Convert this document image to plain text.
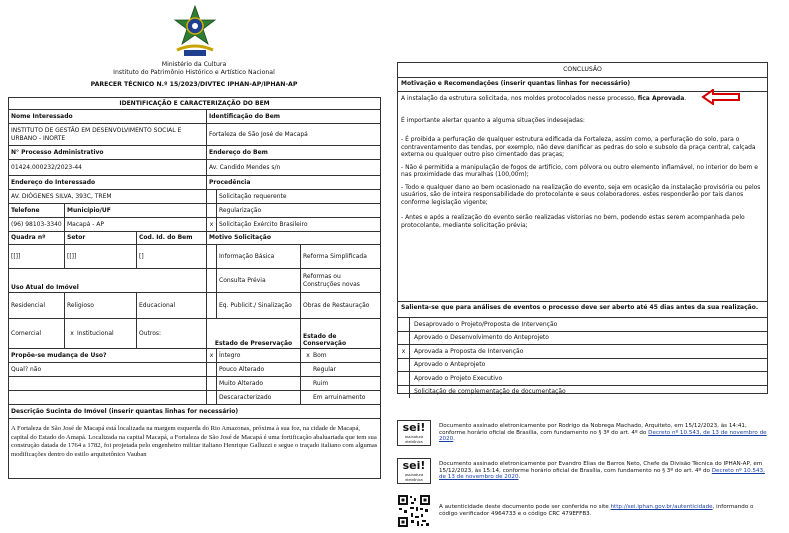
Ministério da Cultura
Instituto do Patrimônio Histórico e Artístico Nacional
PARECER TÉCNICO N.º 15/2023/DIVTEC IPHAN-AP/IPHAN-AP
IDENTIFICAÇÃO E CARACTERIZAÇÃO DO BEM					
Nome Interessado			Identificação do Bem		
INSTITUTO DE GESTÃO EM DESENVOLVIMENTO SOCIAL E URBANO - INORTE			Fortaleza de São José de Macapá		
N° Processo Administrativo			Endereço do Bem		
01424.000232/2023-44			Av. Candido Mendes s/n		
Endereço do Interessado			Procedência		
AV. DIÓGENES SILVA, 393C, TREM				Solicitação requerente	
Telefone	Município/UF			Regularização	
(96) 98103-3340	Macapá - AP		x	Solicitação Exército Brasileiro	
Quadra nº	Setor	Cod. Id. do Bem	Motivo Solicitação		
[[]]	[[]]	[]		Informação Básica	Reforma Simplificada
Uso Atual do Imóvel				Consulta Prévia	Reformas ou Construções novas
Residencial	Religioso	Educacional		Eq. Publicit./ Sinalização	Obras de Restauração
Comercial	x Institucional	Outros:	Estado de Preservação		Estado de Conservação
Propõe-se mudança de Uso?			x	Íntegro	x Bom
Qual? não				Pouco Alterado	Regular
				Muito Alterado	Ruim
				Descaracterizado	Em arruinamento
Descrição Sucinta do Imóvel (inserir quantas linhas for necessário)					
A Fortaleza de São José de Macapá está localizada na margem esquerda do Rio Amazonas, próxima à sua foz, na cidade de Macapá, capital do Estado do Amapá. Localizada na capital Macapá, a Fortaleza de São José de Macapá é uma fortificação abaluartada que tem sua construção datada de 1764 a 1782, foi projetada pelo engenheiro militar italiano Henrique Galluzzi e segue o traçado italiano com algumas modificações dentro do estilo arquitetônico Vauban					
CONCLUSÃO
Motivação e Recomendações (inserir quantas linhas for necessário)
A instalação da estrutura solicitada, nos moldes protocolados nesse processo, fica Aprovada.
É importante alertar quanto a alguma situações indesejadas:
- É proibida a perfuração de qualquer estrutura edificada da Fortaleza, assim como, a perfuração do solo, para o contraventamento das tendas, por exemplo, não deve danificar as pedras do solo e subsolo da praça central, calçada externa ou qualquer outro piso cimentado das praças;
- Não é permitida a manipulação de fogos de artifício, com pólvora ou outro elemento inflamável, no interior do bem e nas proximidade das muralhas (100,00m);
- Todo e qualquer dano ao bem ocasionado na realização do evento, seja em ocasição da instalação provisória ou pelos usuários, são de inteira responsabilidade do protocolante e seus colaboradores. estes responderão por tais danos conforme legislação vigente;
- Antes e após a realização do evento serão realizadas vistorias no bem, podendo estas serem acompanhada pelo protocolante, mediante solicitação prévia;
Salienta-se que para análises de eventos o processo deve ser aberto até 45 dias antes da sua realização.
Desaprovado o Projeto/Proposta de Intervenção
Aprovado o Desenvolvimento do Anteprojeto
x	Aprovada a Proposta de Intervenção
Aprovado o Anteprojeto
Aprovado o Projeto Executivo
Solicitação de complementação de documentação
sei!
assinatura eletrônica
Documento assinado eletronicamente por Rodrigo da Nobrega Machado, Arquiteto, em 15/12/2023, às 14:41, conforme horário oficial de Brasília, com fundamento no § 3º do art. 4º do Decreto nº 10.543, de 13 de novembro de 2020.
sei!
assinatura eletrônica
Documento assinado eletronicamente por Evandro Elias de Barros Neto, Chefe da Divisão Técnica do IPHAN-AP, em 15/12/2023, às 15:14, conforme horário oficial de Brasília, com fundamento no § 3º do art. 4º do Decreto nº 10.543, de 13 de novembro de 2020.
A autenticidade deste documento pode ser conferida no site http://sei.iphan.gov.br/autenticidade, informando o código verificador 4964733 e o código CRC 479EFFB3.
